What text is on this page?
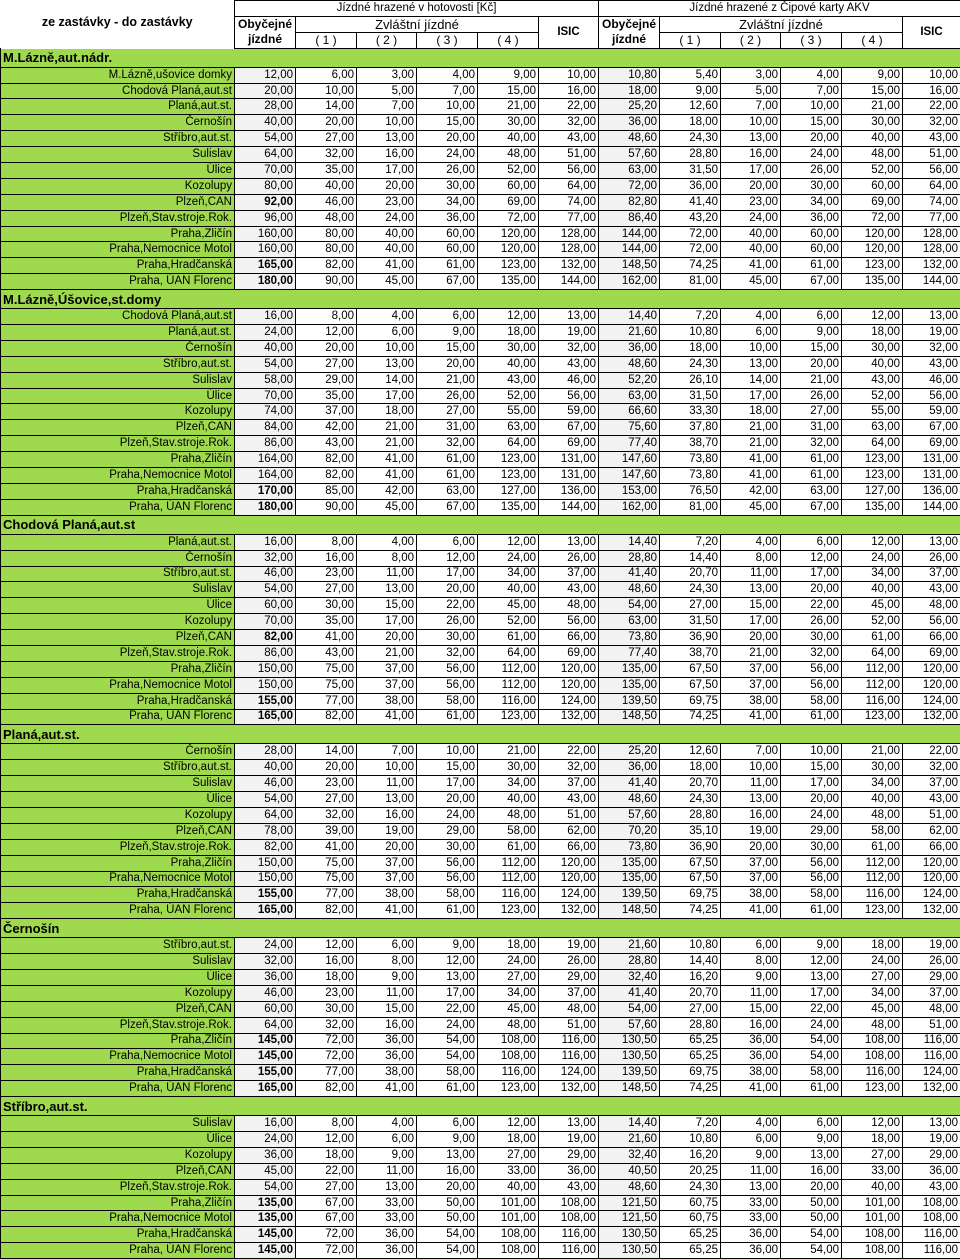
	Jízdné hrazené v hotovosti [Kč]						Jízdné hrazené z Čipové karty AKV					
ze zastávky - do zastávky	Obyčejné	Zvláštní jízdné				ISIC	Obyčejné	Zvláštní jízdné				ISIC
	jízdné	( 1 )	( 2 )	( 3 )	( 4 )		jízdné	( 1 )	( 2 )	( 3 )	( 4 )	
M.Lázně,aut.nádr.												
M.Lázně,ušovice domky	12,00	6,00	3,00	4,00	9,00	10,00	10,80	5,40	3,00	4,00	9,00	10,00
Chodová Planá,aut.st	20,00	10,00	5,00	7,00	15,00	16,00	18,00	9,00	5,00	7,00	15,00	16,00
Planá,aut.st.	28,00	14,00	7,00	10,00	21,00	22,00	25,20	12,60	7,00	10,00	21,00	22,00
Černošín	40,00	20,00	10,00	15,00	30,00	32,00	36,00	18,00	10,00	15,00	30,00	32,00
Stříbro,aut.st.	54,00	27,00	13,00	20,00	40,00	43,00	48,60	24,30	13,00	20,00	40,00	43,00
Sulislav	64,00	32,00	16,00	24,00	48,00	51,00	57,60	28,80	16,00	24,00	48,00	51,00
Úlice	70,00	35,00	17,00	26,00	52,00	56,00	63,00	31,50	17,00	26,00	52,00	56,00
Kozolupy	80,00	40,00	20,00	30,00	60,00	64,00	72,00	36,00	20,00	30,00	60,00	64,00
Plzeň,CAN	92,00	46,00	23,00	34,00	69,00	74,00	82,80	41,40	23,00	34,00	69,00	74,00
Plzeň,Stav.stroje.Rok.	96,00	48,00	24,00	36,00	72,00	77,00	86,40	43,20	24,00	36,00	72,00	77,00
Praha,Zličín	160,00	80,00	40,00	60,00	120,00	128,00	144,00	72,00	40,00	60,00	120,00	128,00
Praha,Nemocnice Motol	160,00	80,00	40,00	60,00	120,00	128,00	144,00	72,00	40,00	60,00	120,00	128,00
Praha,Hradčanská	165,00	82,00	41,00	61,00	123,00	132,00	148,50	74,25	41,00	61,00	123,00	132,00
Praha, ÚAN Florenc	180,00	90,00	45,00	67,00	135,00	144,00	162,00	81,00	45,00	67,00	135,00	144,00
M.Lázně,Úšovice,st.domy												
Chodová Planá,aut.st	16,00	8,00	4,00	6,00	12,00	13,00	14,40	7,20	4,00	6,00	12,00	13,00
Planá,aut.st.	24,00	12,00	6,00	9,00	18,00	19,00	21,60	10,80	6,00	9,00	18,00	19,00
Černošín	40,00	20,00	10,00	15,00	30,00	32,00	36,00	18,00	10,00	15,00	30,00	32,00
Stříbro,aut.st.	54,00	27,00	13,00	20,00	40,00	43,00	48,60	24,30	13,00	20,00	40,00	43,00
Sulislav	58,00	29,00	14,00	21,00	43,00	46,00	52,20	26,10	14,00	21,00	43,00	46,00
Úlice	70,00	35,00	17,00	26,00	52,00	56,00	63,00	31,50	17,00	26,00	52,00	56,00
Kozolupy	74,00	37,00	18,00	27,00	55,00	59,00	66,60	33,30	18,00	27,00	55,00	59,00
Plzeň,CAN	84,00	42,00	21,00	31,00	63,00	67,00	75,60	37,80	21,00	31,00	63,00	67,00
Plzeň,Stav.stroje.Rok.	86,00	43,00	21,00	32,00	64,00	69,00	77,40	38,70	21,00	32,00	64,00	69,00
Praha,Zličín	164,00	82,00	41,00	61,00	123,00	131,00	147,60	73,80	41,00	61,00	123,00	131,00
Praha,Nemocnice Motol	164,00	82,00	41,00	61,00	123,00	131,00	147,60	73,80	41,00	61,00	123,00	131,00
Praha,Hradčanská	170,00	85,00	42,00	63,00	127,00	136,00	153,00	76,50	42,00	63,00	127,00	136,00
Praha, ÚAN Florenc	180,00	90,00	45,00	67,00	135,00	144,00	162,00	81,00	45,00	67,00	135,00	144,00
Chodová Planá,aut.st												
Planá,aut.st.	16,00	8,00	4,00	6,00	12,00	13,00	14,40	7,20	4,00	6,00	12,00	13,00
Černošín	32,00	16,00	8,00	12,00	24,00	26,00	28,80	14,40	8,00	12,00	24,00	26,00
Stříbro,aut.st.	46,00	23,00	11,00	17,00	34,00	37,00	41,40	20,70	11,00	17,00	34,00	37,00
Sulislav	54,00	27,00	13,00	20,00	40,00	43,00	48,60	24,30	13,00	20,00	40,00	43,00
Úlice	60,00	30,00	15,00	22,00	45,00	48,00	54,00	27,00	15,00	22,00	45,00	48,00
Kozolupy	70,00	35,00	17,00	26,00	52,00	56,00	63,00	31,50	17,00	26,00	52,00	56,00
Plzeň,CAN	82,00	41,00	20,00	30,00	61,00	66,00	73,80	36,90	20,00	30,00	61,00	66,00
Plzeň,Stav.stroje.Rok.	86,00	43,00	21,00	32,00	64,00	69,00	77,40	38,70	21,00	32,00	64,00	69,00
Praha,Zličín	150,00	75,00	37,00	56,00	112,00	120,00	135,00	67,50	37,00	56,00	112,00	120,00
Praha,Nemocnice Motol	150,00	75,00	37,00	56,00	112,00	120,00	135,00	67,50	37,00	56,00	112,00	120,00
Praha,Hradčanská	155,00	77,00	38,00	58,00	116,00	124,00	139,50	69,75	38,00	58,00	116,00	124,00
Praha, ÚAN Florenc	165,00	82,00	41,00	61,00	123,00	132,00	148,50	74,25	41,00	61,00	123,00	132,00
Planá,aut.st.												
Černošín	28,00	14,00	7,00	10,00	21,00	22,00	25,20	12,60	7,00	10,00	21,00	22,00
Stříbro,aut.st.	40,00	20,00	10,00	15,00	30,00	32,00	36,00	18,00	10,00	15,00	30,00	32,00
Sulislav	46,00	23,00	11,00	17,00	34,00	37,00	41,40	20,70	11,00	17,00	34,00	37,00
Úlice	54,00	27,00	13,00	20,00	40,00	43,00	48,60	24,30	13,00	20,00	40,00	43,00
Kozolupy	64,00	32,00	16,00	24,00	48,00	51,00	57,60	28,80	16,00	24,00	48,00	51,00
Plzeň,CAN	78,00	39,00	19,00	29,00	58,00	62,00	70,20	35,10	19,00	29,00	58,00	62,00
Plzeň,Stav.stroje.Rok.	82,00	41,00	20,00	30,00	61,00	66,00	73,80	36,90	20,00	30,00	61,00	66,00
Praha,Zličín	150,00	75,00	37,00	56,00	112,00	120,00	135,00	67,50	37,00	56,00	112,00	120,00
Praha,Nemocnice Motol	150,00	75,00	37,00	56,00	112,00	120,00	135,00	67,50	37,00	56,00	112,00	120,00
Praha,Hradčanská	155,00	77,00	38,00	58,00	116,00	124,00	139,50	69,75	38,00	58,00	116,00	124,00
Praha, ÚAN Florenc	165,00	82,00	41,00	61,00	123,00	132,00	148,50	74,25	41,00	61,00	123,00	132,00
Černošín												
Stříbro,aut.st.	24,00	12,00	6,00	9,00	18,00	19,00	21,60	10,80	6,00	9,00	18,00	19,00
Sulislav	32,00	16,00	8,00	12,00	24,00	26,00	28,80	14,40	8,00	12,00	24,00	26,00
Úlice	36,00	18,00	9,00	13,00	27,00	29,00	32,40	16,20	9,00	13,00	27,00	29,00
Kozolupy	46,00	23,00	11,00	17,00	34,00	37,00	41,40	20,70	11,00	17,00	34,00	37,00
Plzeň,CAN	60,00	30,00	15,00	22,00	45,00	48,00	54,00	27,00	15,00	22,00	45,00	48,00
Plzeň,Stav.stroje.Rok.	64,00	32,00	16,00	24,00	48,00	51,00	57,60	28,80	16,00	24,00	48,00	51,00
Praha,Zličín	145,00	72,00	36,00	54,00	108,00	116,00	130,50	65,25	36,00	54,00	108,00	116,00
Praha,Nemocnice Motol	145,00	72,00	36,00	54,00	108,00	116,00	130,50	65,25	36,00	54,00	108,00	116,00
Praha,Hradčanská	155,00	77,00	38,00	58,00	116,00	124,00	139,50	69,75	38,00	58,00	116,00	124,00
Praha, ÚAN Florenc	165,00	82,00	41,00	61,00	123,00	132,00	148,50	74,25	41,00	61,00	123,00	132,00
Stříbro,aut.st.												
Sulislav	16,00	8,00	4,00	6,00	12,00	13,00	14,40	7,20	4,00	6,00	12,00	13,00
Úlice	24,00	12,00	6,00	9,00	18,00	19,00	21,60	10,80	6,00	9,00	18,00	19,00
Kozolupy	36,00	18,00	9,00	13,00	27,00	29,00	32,40	16,20	9,00	13,00	27,00	29,00
Plzeň,CAN	45,00	22,00	11,00	16,00	33,00	36,00	40,50	20,25	11,00	16,00	33,00	36,00
Plzeň,Stav.stroje.Rok.	54,00	27,00	13,00	20,00	40,00	43,00	48,60	24,30	13,00	20,00	40,00	43,00
Praha,Zličín	135,00	67,00	33,00	50,00	101,00	108,00	121,50	60,75	33,00	50,00	101,00	108,00
Praha,Nemocnice Motol	135,00	67,00	33,00	50,00	101,00	108,00	121,50	60,75	33,00	50,00	101,00	108,00
Praha,Hradčanská	145,00	72,00	36,00	54,00	108,00	116,00	130,50	65,25	36,00	54,00	108,00	116,00
Praha, ÚAN Florenc	145,00	72,00	36,00	54,00	108,00	116,00	130,50	65,25	36,00	54,00	108,00	116,00
